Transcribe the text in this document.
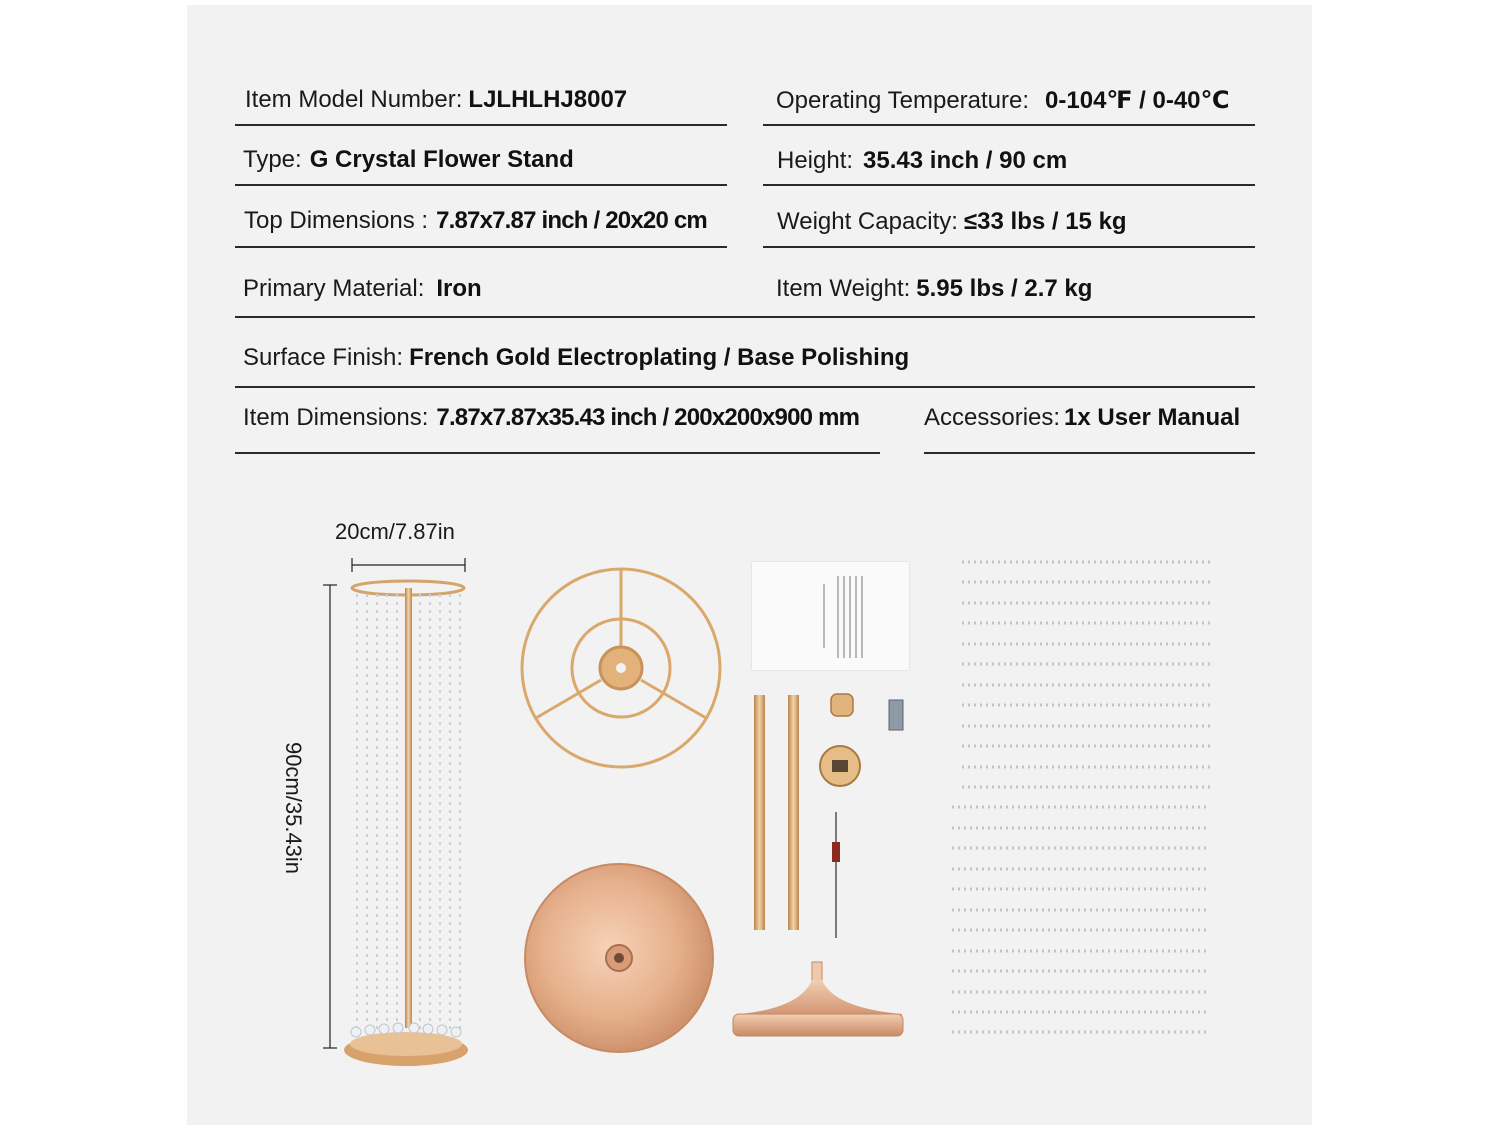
Item Model Number: LJLHLHJ8007	Operating Temperature: 0-104℉ / 0-40℃
Type: G Crystal Flower Stand	Height: 35.43 inch / 90 cm
Top Dimensions : 7.87x7.87 inch / 20x20 cm	Weight Capacity: ≤33 lbs / 15 kg
Primary Material: Iron	Item Weight: 5.95 lbs / 2.7 kg
Surface Finish: French Gold Electroplating / Base Polishing
Item Dimensions: 7.87x7.87x35.43 inch / 200x200x900 mm	Accessories: 1x User Manual
20cm/7.87in
90cm/35.43in
